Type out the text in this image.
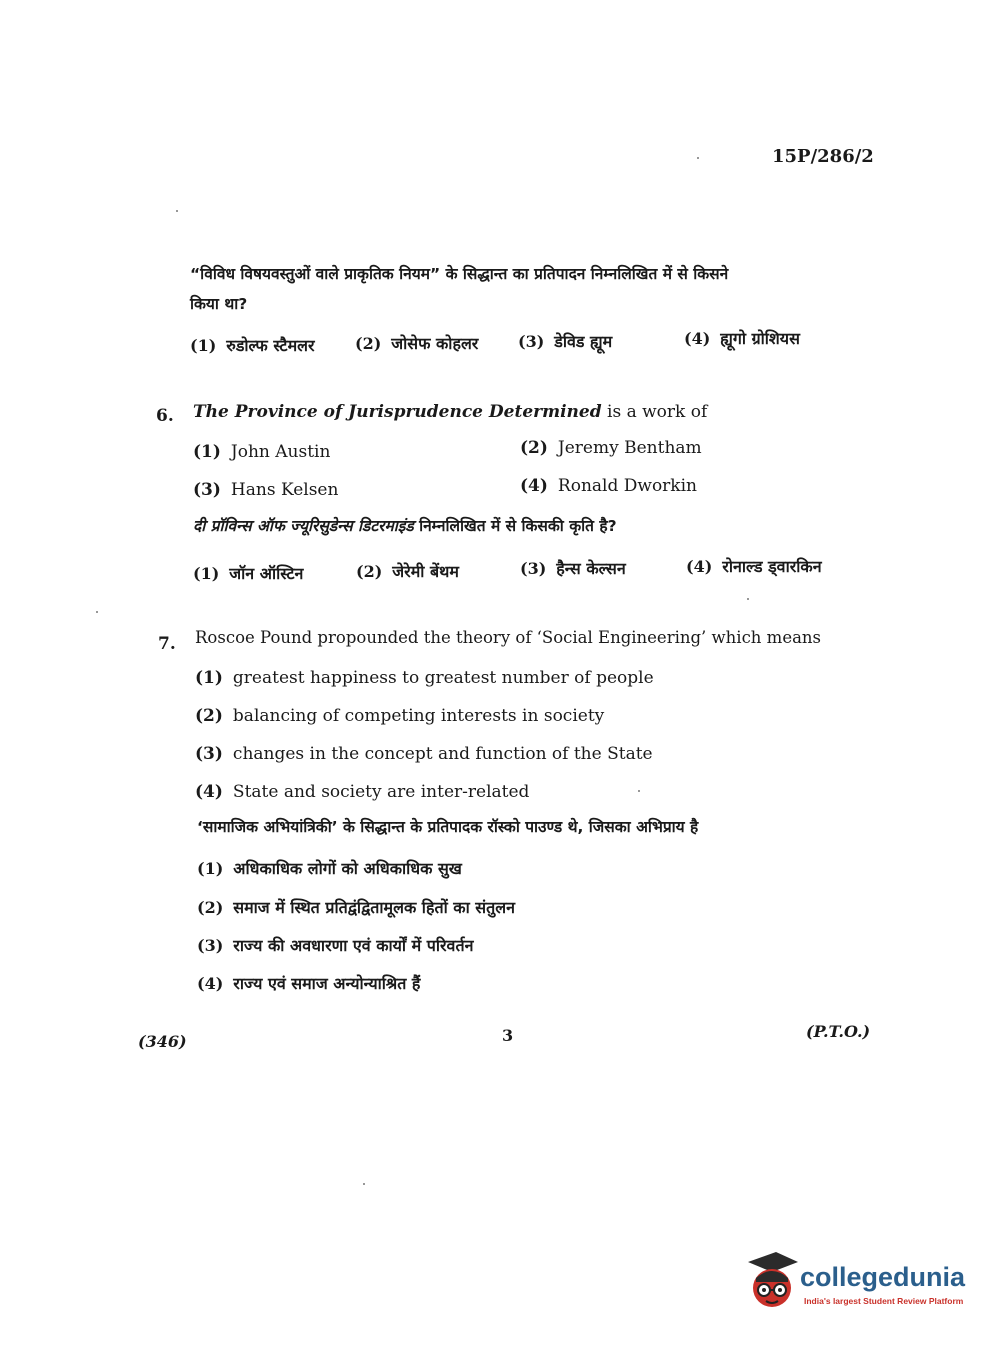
15P/286/2
“विविध विषयवस्तुओं वाले प्राकृतिक नियम” के सिद्धान्त का प्रतिपादन निम्नलिखित में से किसने
किया था?
(1) रुडोल्फ स्टैमलर	(2) जोसेफ कोहलर (3) डेविड ह्यूम	(4) ह्यूगो ग्रोशियस
6. The Province of Jurisprudence Determined is a work of
(1) John Austin	(2) Jeremy Bentham
(3) Hans Kelsen	(4) Ronald Dworkin
दी प्रॉविन्स ऑफ ज्यूरिसुडेन्स डिटरमाइंड निम्नलिखित में से किसकी कृति है?
(1) जॉन ऑस्टिन	(2) जेरेमी बेंथम	(3) हैन्स केल्सन	(4) रोनाल्ड ड्वारकिन
7. Roscoe Pound propounded the theory of ‘Social Engineering’ which means
(1) greatest happiness to greatest number of people
(2) balancing of competing interests in society
(3) changes in the concept and function of the State
(4) State and society are inter-related
‘सामाजिक अभियांत्रिकी’ के सिद्धान्त के प्रतिपादक रॉस्को पाउण्ड थे, जिसका अभिप्राय है
(1) अधिकाधिक लोगों को अधिकाधिक सुख
(2) समाज में स्थित प्रतिद्वंद्वितामूलक हितों का संतुलन
(3) राज्य की अवधारणा एवं कार्यों में परिवर्तन
(4) राज्य एवं समाज अन्योन्याश्रित हैं
(346)	3	(P.T.O.)
collegedunia
India's largest Student Review Platform
